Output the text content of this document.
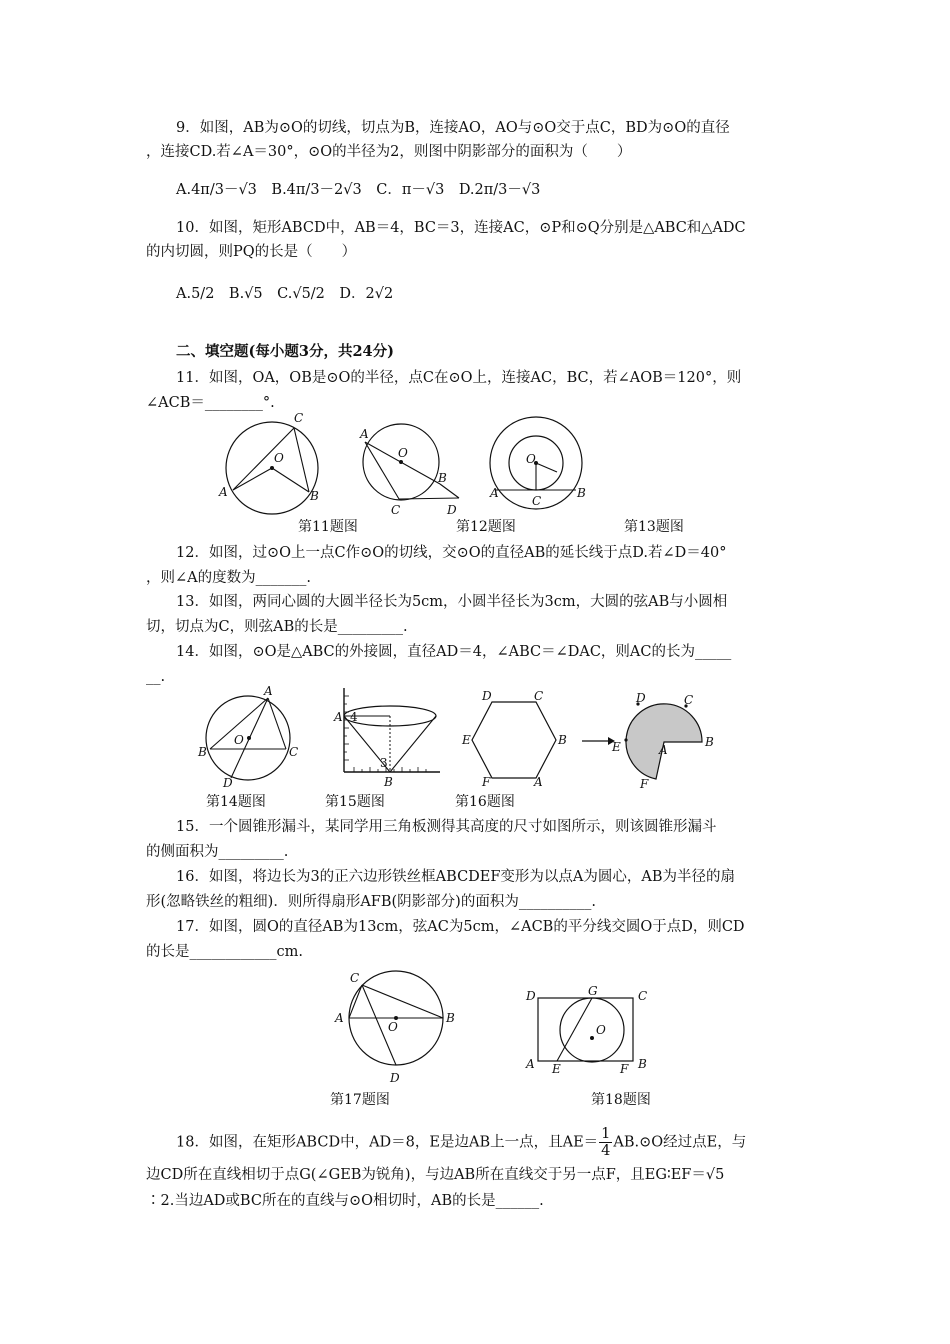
9．如图，AB为⊙O的切线，切点为B，连接AO，AO与⊙O交于点C，BD为⊙O的直径
，连接CD.若∠A＝30°，⊙O的半径为2，则图中阴影部分的面积为（　　）
A.4π/3－√3　B.4π/3－2√3　C．π－√3　D.2π/3－√3
10．如图，矩形ABCD中，AB＝4，BC＝3，连接AC，⊙P和⊙Q分别是△ABC和△ADC
的内切圆，则PQ的长是（　　）
A.5/2　B.√5　C.√5/2　D．2√2
二、填空题(每小题3分，共24分)
11．如图，OA，OB是⊙O的半径，点C在⊙O上，连接AC，BC，若∠AOB＝120°，则
∠ACB＝________°.
C
O
A	B
A
O
B
C	D
O
A
C
B
第11题图	第12题图	第13题图
12．如图，过⊙O上一点C作⊙O的切线，交⊙O的直径AB的延长线于点D.若∠D＝40°
，则∠A的度数为_______.
13．如图，两同心圆的大圆半径长为5cm，小圆半径长为3cm，大圆的弦AB与小圆相
切，切点为C，则弦AB的长是_________.
14．如图，⊙O是△ABC的外接圆，直径AD＝4，∠ABC＝∠DAC，则AC的长为_____
__.
A
O
B	C
D
A 4
3
B
D	C
E	B
F	A
D	C
E	A
B
F
第14题图	第15题图	第16题图
15．一个圆锥形漏斗，某同学用三角板测得其高度的尺寸如图所示，则该圆锥形漏斗
的侧面积为_________.
16．如图，将边长为3的正六边形铁丝框ABCDEF变形为以点A为圆心，AB为半径的扇
形(忽略铁丝的粗细)．则所得扇形AFB(阴影部分)的面积为__________.
17．如图，圆O的直径AB为13cm，弦AC为5cm，∠ACB的平分线交圆O于点D，则CD
的长是____________cm.
C
A
O
B
D
D	G	C
O
A E	F B
第17题图	第18题图
18．如图，在矩形ABCD中，AD＝8，E是边AB上一点，且$AE= \frac{1}{4}$ AB.⊙O经过点E，与
边CD所在直线相切于点G(∠GEB为锐角)，与边AB所在直线交于另一点F，且EG∶EF＝√5
∶2.当边AD或BC所在的直线与⊙O相切时，AB的长是______.
